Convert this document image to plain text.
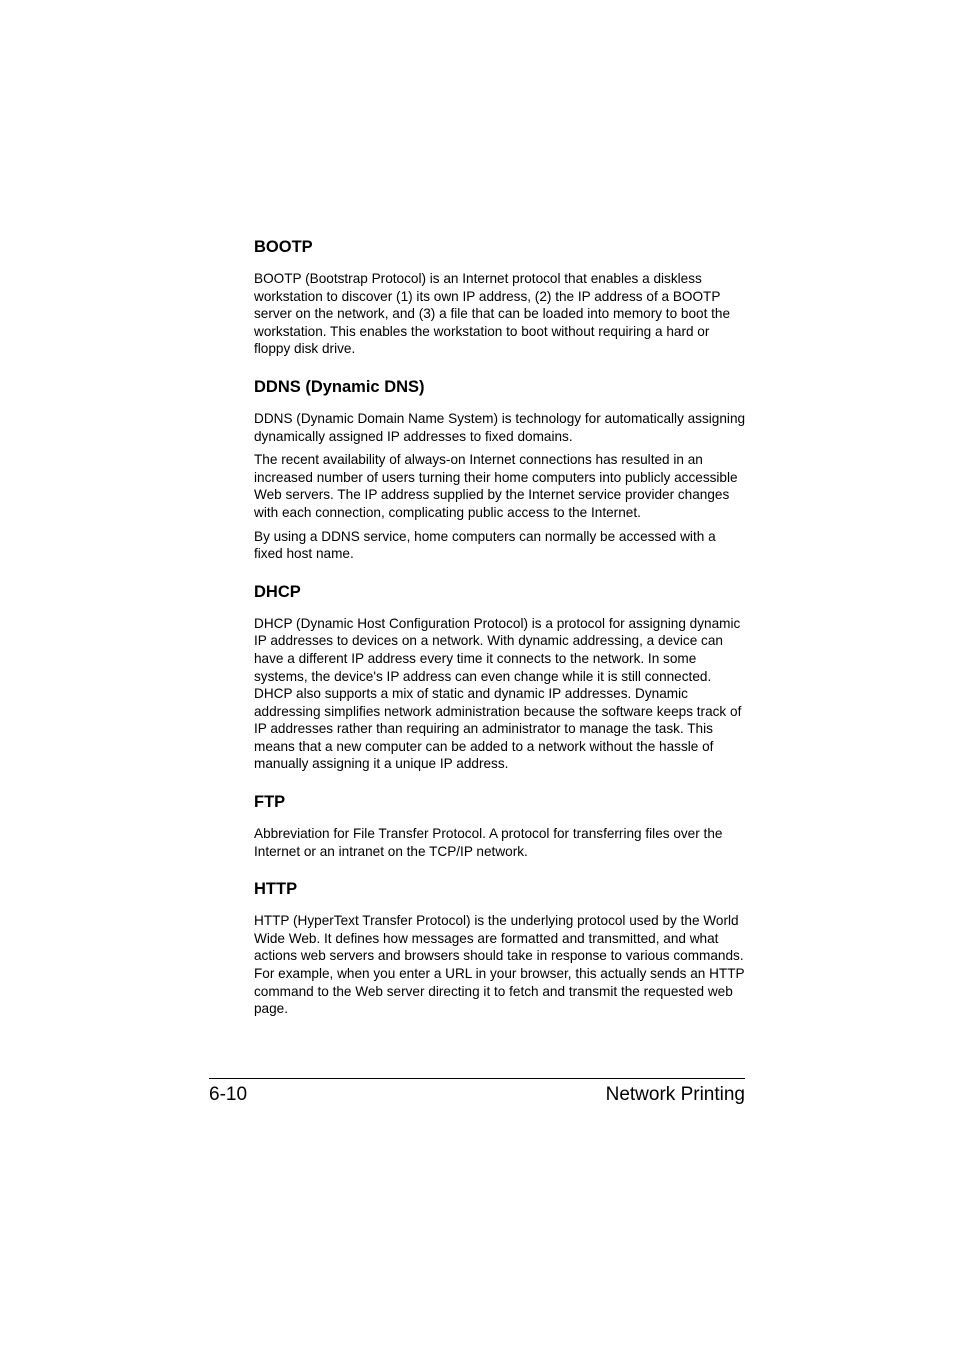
BOOTP

BOOTP (Bootstrap Protocol) is an Internet protocol that enables a diskless workstation to discover (1) its own IP address, (2) the IP address of a BOOTP server on the network, and (3) a file that can be loaded into memory to boot the workstation. This enables the workstation to boot without requiring a hard or floppy disk drive.

DDNS (Dynamic DNS)

DDNS (Dynamic Domain Name System) is technology for automatically assigning dynamically assigned IP addresses to fixed domains.

The recent availability of always-on Internet connections has resulted in an increased number of users turning their home computers into publicly accessible Web servers. The IP address supplied by the Internet service provider changes with each connection, complicating public access to the Internet.

By using a DDNS service, home computers can normally be accessed with a fixed host name.

DHCP

DHCP (Dynamic Host Configuration Protocol) is a protocol for assigning dynamic IP addresses to devices on a network. With dynamic addressing, a device can have a different IP address every time it connects to the network. In some systems, the device's IP address can even change while it is still connected. DHCP also supports a mix of static and dynamic IP addresses. Dynamic addressing simplifies network administration because the software keeps track of IP addresses rather than requiring an administrator to manage the task. This means that a new computer can be added to a network without the hassle of manually assigning it a unique IP address.

FTP

Abbreviation for File Transfer Protocol. A protocol for transferring files over the Internet or an intranet on the TCP/IP network.

HTTP

HTTP (HyperText Transfer Protocol) is the underlying protocol used by the World Wide Web. It defines how messages are formatted and transmitted, and what actions web servers and browsers should take in response to various commands. For example, when you enter a URL in your browser, this actually sends an HTTP command to the Web server directing it to fetch and transmit the requested web page.

6-10	Network Printing
